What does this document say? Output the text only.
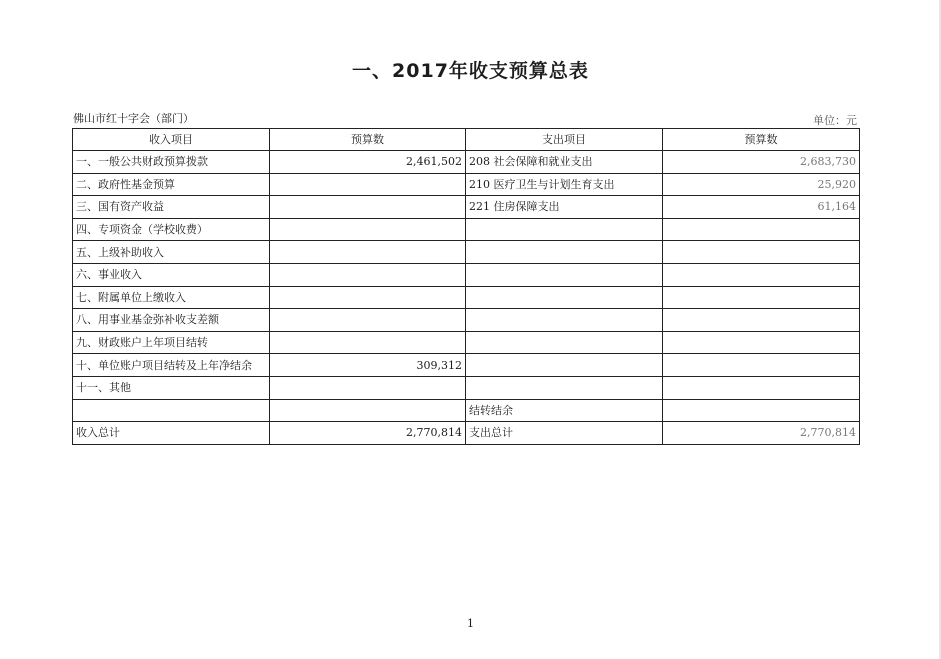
一、2017年收支预算总表
佛山市红十字会（部门）	单位：元
收入项目	预算数	支出项目	预算数
一、一般公共财政预算拨款	2,461,502	208 社会保障和就业支出	2,683,730
二、政府性基金预算		210 医疗卫生与计划生育支出	25,920
三、国有资产收益		221 住房保障支出	61,164
四、专项资金（学校收费）			
五、上级补助收入			
六、事业收入			
七、附属单位上缴收入			
八、用事业基金弥补收支差额			
九、财政账户上年项目结转			
十、单位账户项目结转及上年净结余	309,312		
十一、其他			
		结转结余	
收入总计	2,770,814	支出总计	2,770,814
1
